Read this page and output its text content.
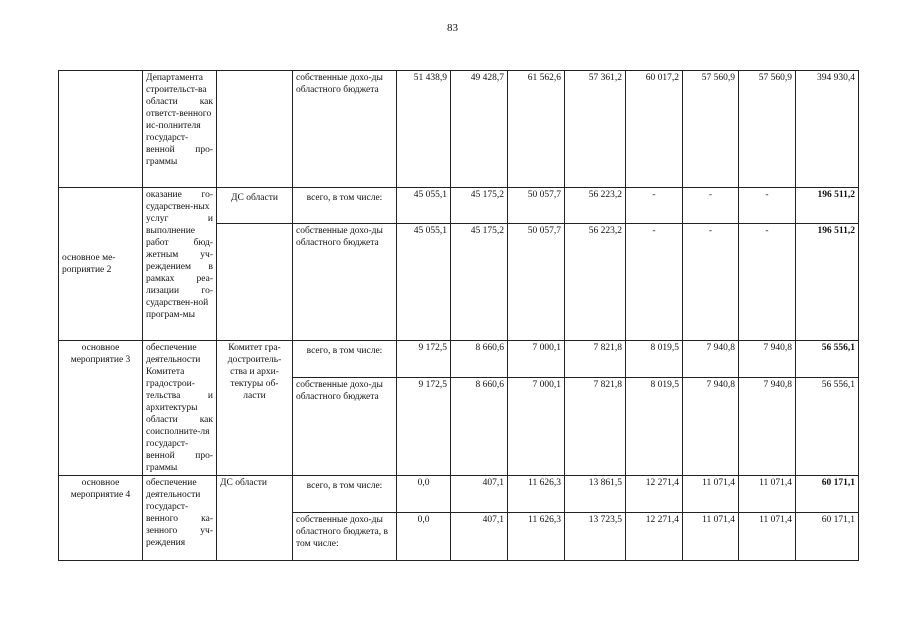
83
	Департамента строительст-ва области как ответст-венного ис-полнителя государст-венной про-граммы		собственные дохо-ды областного бюджета	51 438,9	49 428,7	61 562,6	57 361,2	60 017,2	57 560,9	57 560,9	394 930,4
основное ме-роприятие 2	оказание го-сударствен-ных услуг и выполнение работ бюд-жетным уч-реждением в рамках реа-лизации го-сударствен-ной програм-мы	ДС области	всего, в том числе:	45 055,1	45 175,2	50 057,7	56 223,2	-	-	-	196 511,2
			собственные дохо-ды областного бюджета	45 055,1	45 175,2	50 057,7	56 223,2	-	-	-	196 511,2
основное мероприятие 3	обеспечение деятельности Комитета градострои-тельства и архитектуры области как соисполните-ля государст-венной про-граммы	Комитет гра-достроитель-ства и архи-тектуры об-ласти	всего, в том числе:	9 172,5	8 660,6	7 000,1	7 821,8	8 019,5	7 940,8	7 940,8	56 556,1
			собственные дохо-ды областного бюджета	9 172,5	8 660,6	7 000,1	7 821,8	8 019,5	7 940,8	7 940,8	56 556,1
основное мероприятие 4	обеспечение деятельности государст-венного ка-зенного уч-реждения	ДС области	всего, в том числе:	0,0	407,1	11 626,3	13 861,5	12 271,4	11 071,4	11 071,4	60 171,1
			собственные дохо-ды областного бюджета, в том числе:	0,0	407,1	11 626,3	13 723,5	12 271,4	11 071,4	11 071,4	60 171,1
